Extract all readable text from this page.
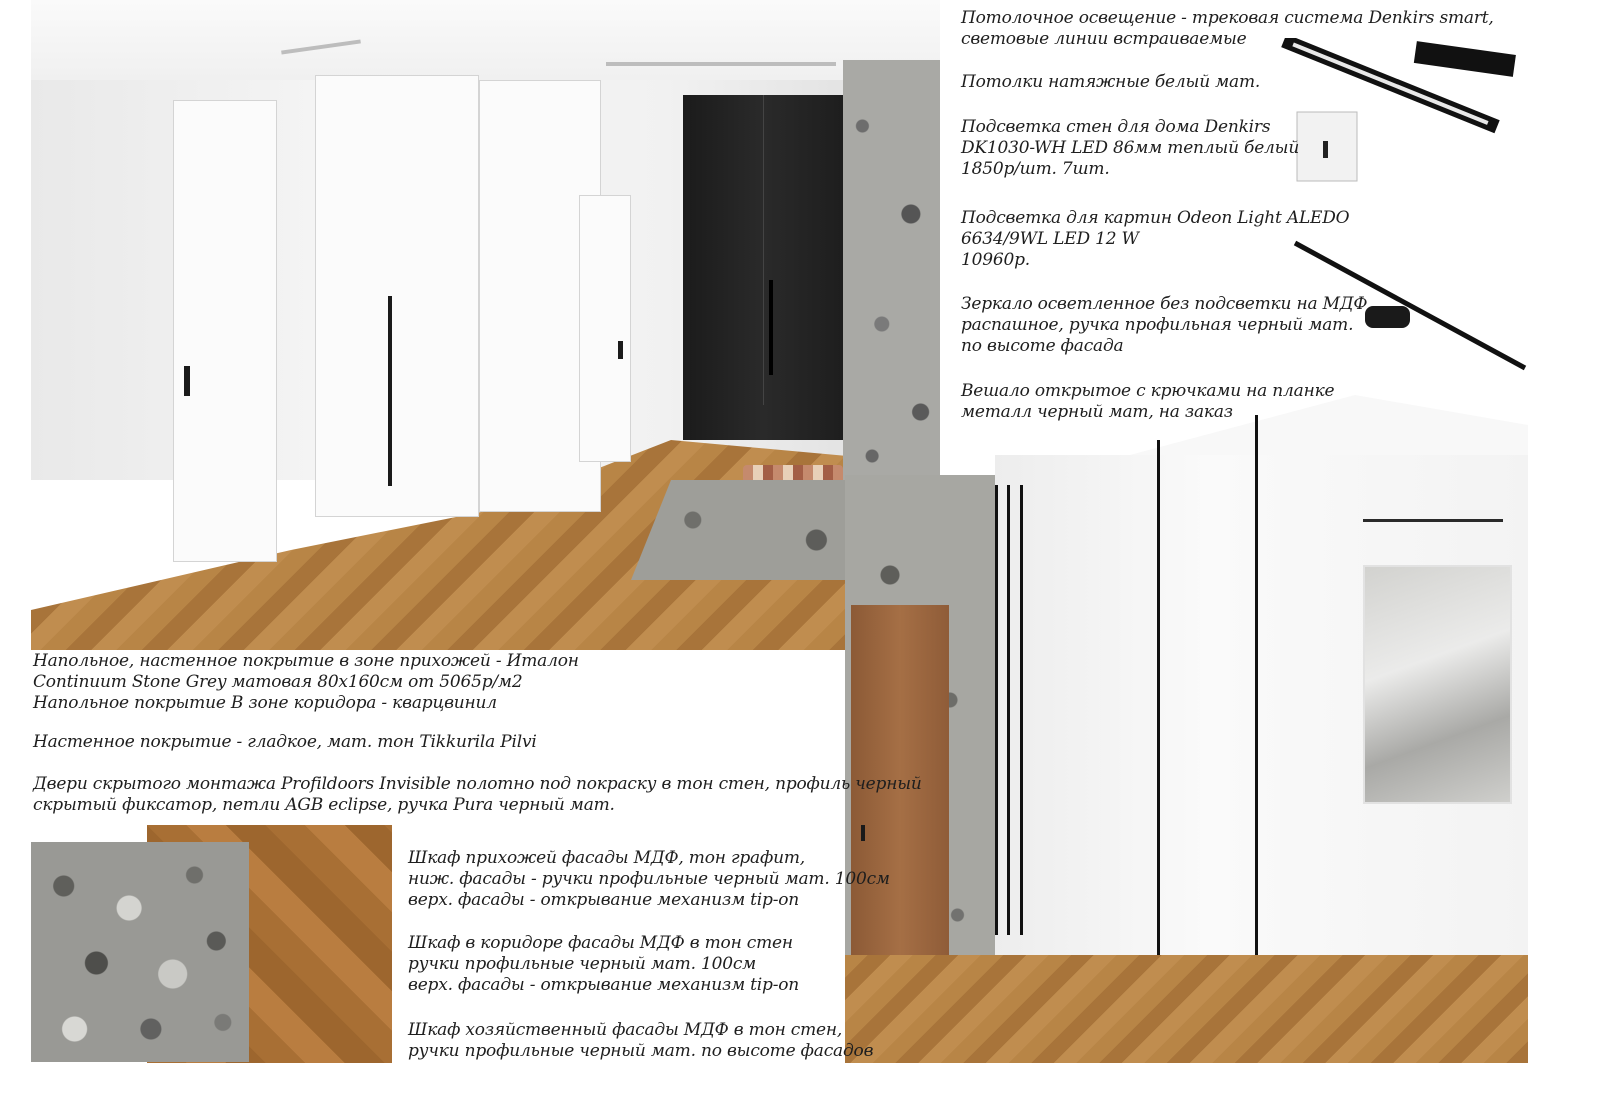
Потолочное освещение - трековая система Denkirs smart,
световые линии встраиваемые
Потолки натяжные белый мат.
Подсветка стен для дома Denkirs
DK1030-WH LED 86мм теплый белый
1850р/шт. 7шт.
Подсветка для картин Odeon Light ALEDO
6634/9WL LED 12 W
10960р.
Зеркало осветленное без подсветки на МДФ
распашное, ручка профильная черный мат.
по высоте фасада
Вешало открытое с крючками на планке
металл черный мат, на заказ
Напольное, настенное покрытие в зоне прихожей - Италон
Continuum Stone Grey матовая 80х160см от 5065р/м2
Напольное покрытие В зоне коридора - кварцвинил
Настенное покрытие - гладкое, мат. тон Tikkurila Pilvi
Двери скрытого монтажа Profildoors Invisible полотно под покраску в тон стен, профиль черный
скрытый фиксатор, петли AGB eclipse, ручка Pura черный мат.
Шкаф прихожей фасады МДФ, тон графит,
ниж. фасады - ручки профильные черный мат. 100см
верх. фасады - открывание механизм tip-on
Шкаф в коридоре фасады МДФ в тон стен
ручки профильные черный мат. 100см
верх. фасады - открывание механизм tip-on
Шкаф хозяйственный фасады МДФ в тон стен,
ручки профильные черный мат. по высоте фасадов
